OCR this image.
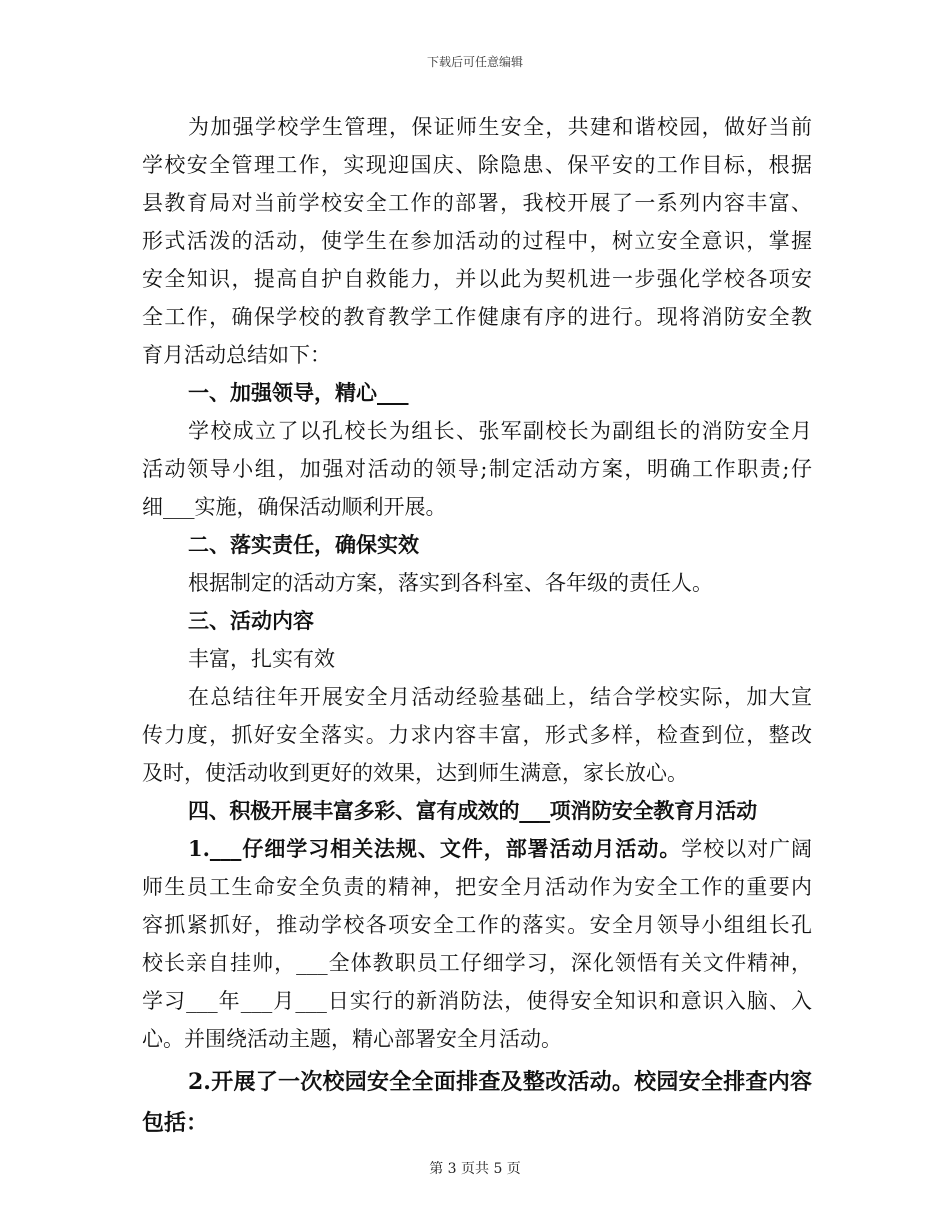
下载后可任意编辑
为加强学校学生管理，保证师生安全，共建和谐校园，做好当前
学校安全管理工作，实现迎国庆、除隐患、保平安的工作目标，根据
县教育局对当前学校安全工作的部署，我校开展了一系列内容丰富、
形式活泼的活动，使学生在参加活动的过程中，树立安全意识，掌握
安全知识，提高自护自救能力，并以此为契机进一步强化学校各项安
全工作，确保学校的教育教学工作健康有序的进行。现将消防安全教
育月活动总结如下：
一、加强领导，精心___
学校成立了以孔校长为组长、张军副校长为副组长的消防安全月
活动领导小组，加强对活动的领导;制定活动方案，明确工作职责;仔
细___实施，确保活动顺利开展。
二、落实责任，确保实效
根据制定的活动方案，落实到各科室、各年级的责任人。
三、活动内容
丰富，扎实有效
在总结往年开展安全月活动经验基础上，结合学校实际，加大宣
传力度，抓好安全落实。力求内容丰富，形式多样，检查到位，整改
及时，使活动收到更好的效果，达到师生满意，家长放心。
四、积极开展丰富多彩、富有成效的___项消防安全教育月活动
1.___仔细学习相关法规、文件，部署活动月活动。学校以对广阔
师生员工生命安全负责的精神，把安全月活动作为安全工作的重要内
容抓紧抓好，推动学校各项安全工作的落实。安全月领导小组组长孔
校长亲自挂帅，___全体教职员工仔细学习，深化领悟有关文件精神，
学习___年___月___日实行的新消防法，使得安全知识和意识入脑、入
心。并围绕活动主题，精心部署安全月活动。
2.开展了一次校园安全全面排查及整改活动。校园安全排查内容
包括：
第 3 页共 5 页
